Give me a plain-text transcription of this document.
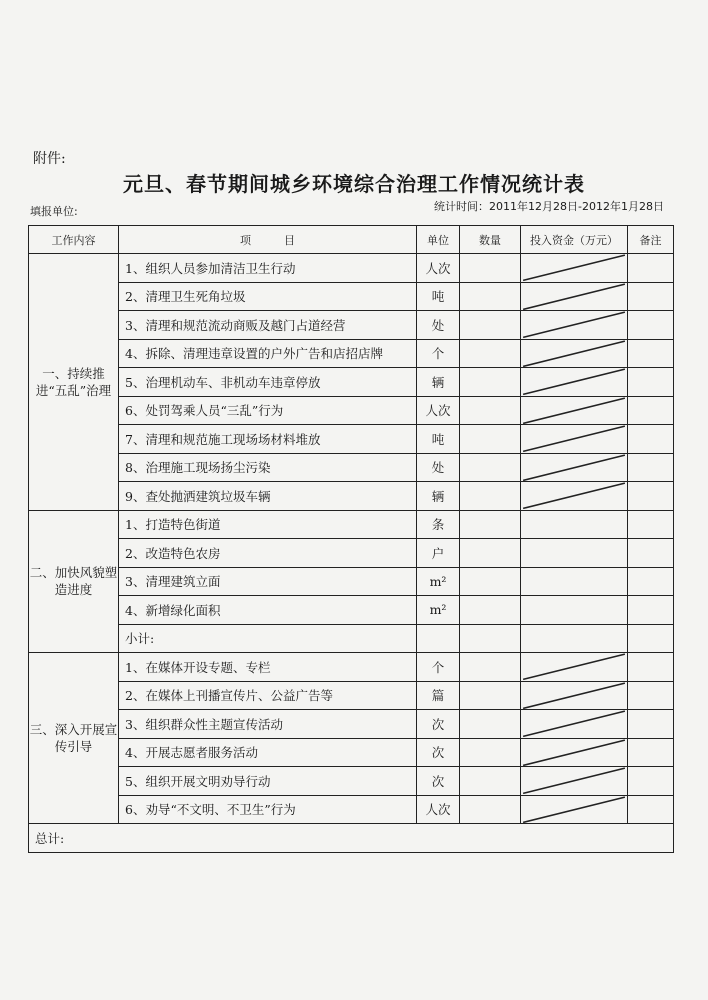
附件:
元旦、春节期间城乡环境综合治理工作情况统计表
填报单位:	统计时间：2011年12月28日-2012年1月28日
工作内容	项　　　目	单位	数量	投入资金（万元）	备注
一、持续推进“五乱”治理	1、组织人员参加清洁卫生行动	人次		

	2、清理卫生死角垃圾	吨		

	3、清理和规范流动商贩及越门占道经营	处		

	4、拆除、清理违章设置的户外广告和店招店牌	个		

	5、治理机动车、非机动车违章停放	辆		

	6、处罚驾乘人员“三乱”行为	人次		

	7、清理和规范施工现场场材料堆放	吨		

	8、治理施工现场扬尘污染	处		

	9、查处抛洒建筑垃圾车辆	辆		

二、加快风貌塑造进度	1、打造特色街道	条			
	2、改造特色农房	户			
	3、清理建筑立面	m²			
	4、新增绿化面积	m²			
	小计:				
三、深入开展宣传引导	1、在媒体开设专题、专栏	个		

	2、在媒体上刊播宣传片、公益广告等	篇		

	3、组织群众性主题宣传活动	次		

	4、开展志愿者服务活动	次		

	5、组织开展文明劝导行动	次		

	6、劝导“不文明、不卫生”行为	人次		

总计:					
